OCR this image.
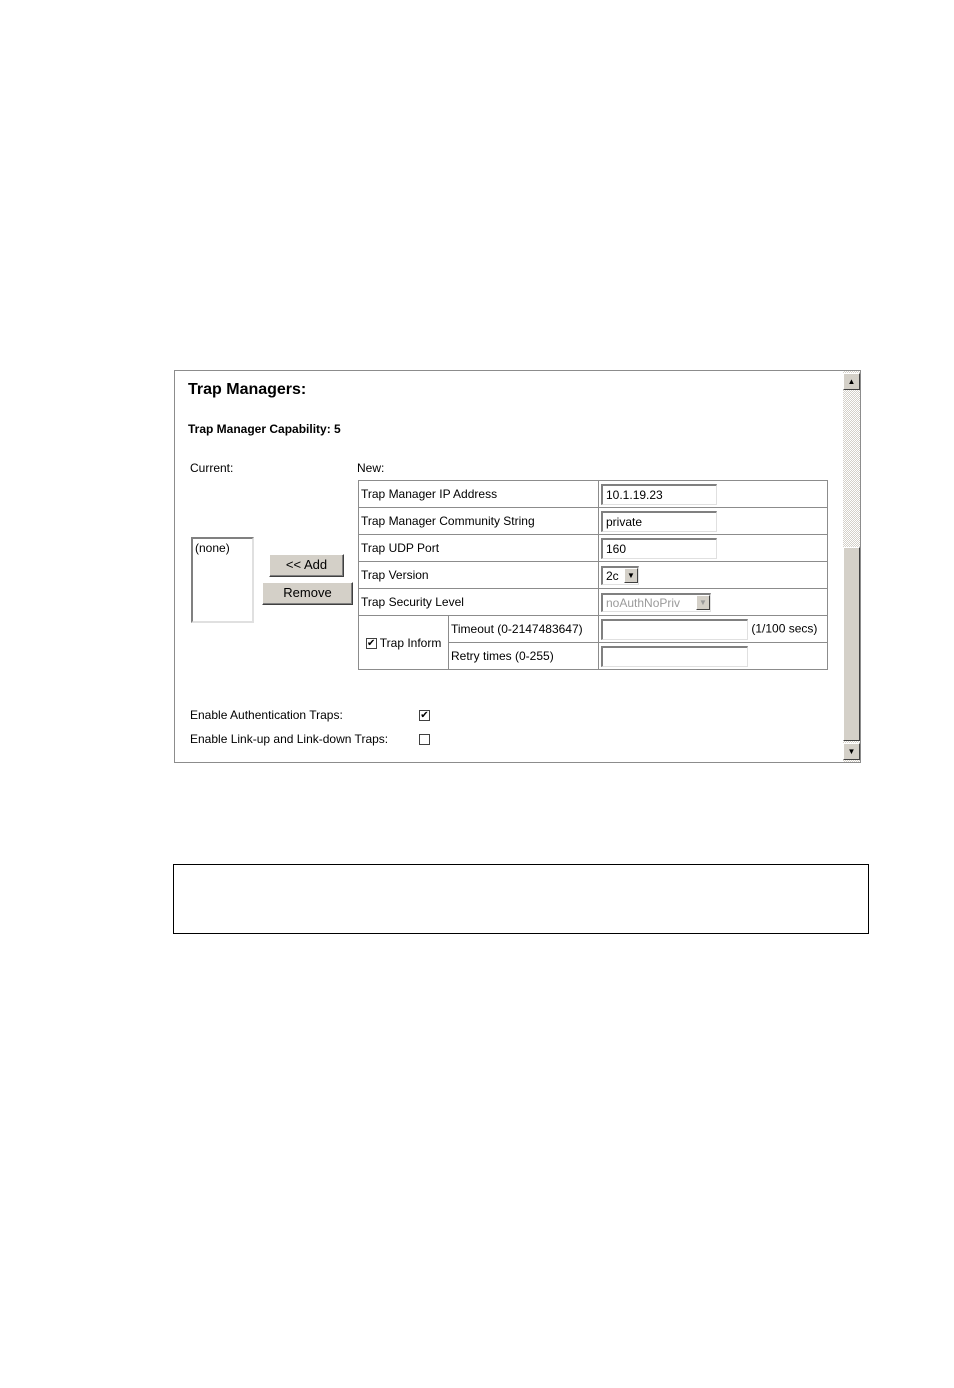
Trap Managers:
Trap Manager Capability: 5
Current:	New:
(none)
<< Add
Remove
Trap Manager IP Address		10.1.19.23
Trap Manager Community String		private
Trap UDP Port		160
Trap Version		2c ▼

Trap Security Level		noAuthNoPriv ▼

✔ Trap Inform	Timeout (0-2147483647)	(1/100 secs)
	Retry times (0-255)	
Enable Authentication Traps:	✔
Enable Link-up and Link-down Traps:
▲
▼
